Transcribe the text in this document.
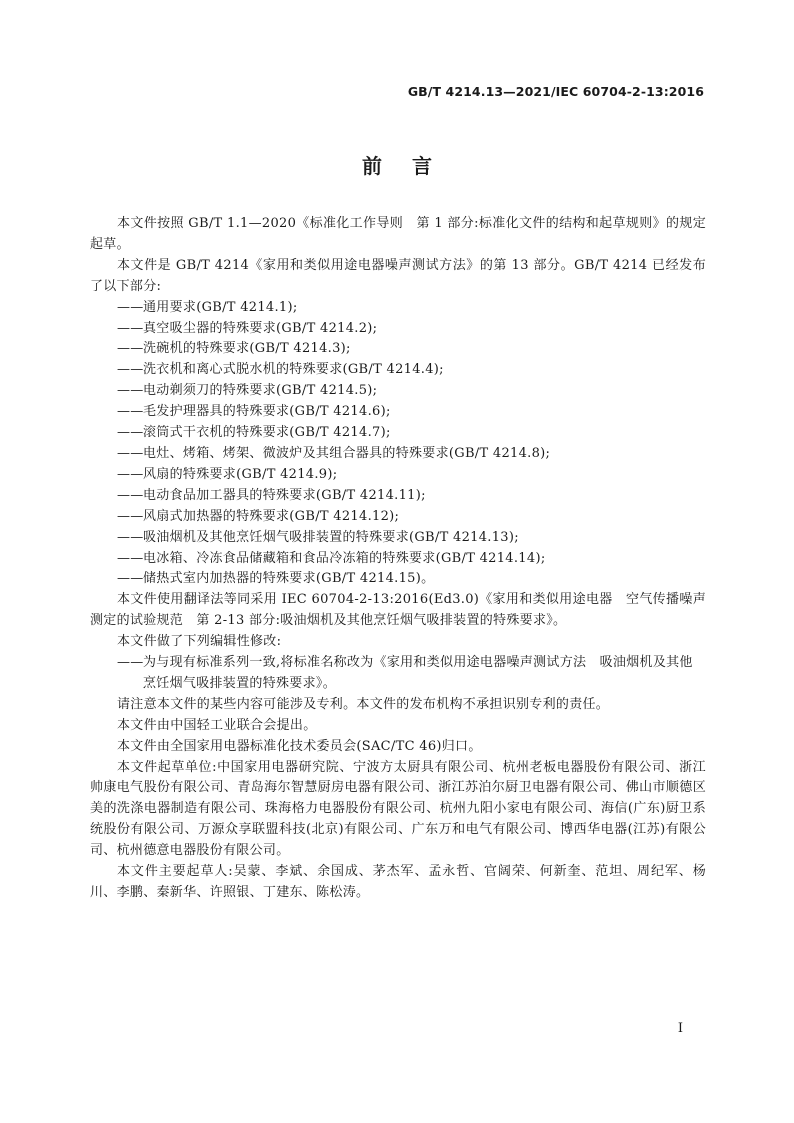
GB/T 4214.13—2021/IEC 60704-2-13:2016
前言

本文件按照 GB/T 1.1—2020《标准化工作导则　第 1 部分:标准化文件的结构和起草规则》的规定起草。

本文件是 GB/T 4214《家用和类似用途电器噪声测试方法》的第 13 部分。GB/T 4214 已经发布了以下部分:

——通用要求(GB/T 4214.1);

——真空吸尘器的特殊要求(GB/T 4214.2);

——洗碗机的特殊要求(GB/T 4214.3);

——洗衣机和离心式脱水机的特殊要求(GB/T 4214.4);

——电动剃须刀的特殊要求(GB/T 4214.5);

——毛发护理器具的特殊要求(GB/T 4214.6);

——滚筒式干衣机的特殊要求(GB/T 4214.7);

——电灶、烤箱、烤架、微波炉及其组合器具的特殊要求(GB/T 4214.8);

——风扇的特殊要求(GB/T 4214.9);

——电动食品加工器具的特殊要求(GB/T 4214.11);

——风扇式加热器的特殊要求(GB/T 4214.12);

——吸油烟机及其他烹饪烟气吸排装置的特殊要求(GB/T 4214.13);

——电冰箱、冷冻食品储藏箱和食品冷冻箱的特殊要求(GB/T 4214.14);

——储热式室内加热器的特殊要求(GB/T 4214.15)。

本文件使用翻译法等同采用 IEC 60704-2-13:2016(Ed3.0)《家用和类似用途电器　空气传播噪声测定的试验规范　第 2-13 部分:吸油烟机及其他烹饪烟气吸排装置的特殊要求》。

本文件做了下列编辑性修改:

——为与现有标准系列一致,将标准名称改为《家用和类似用途电器噪声测试方法　吸油烟机及其他烹饪烟气吸排装置的特殊要求》。

请注意本文件的某些内容可能涉及专利。本文件的发布机构不承担识别专利的责任。

本文件由中国轻工业联合会提出。

本文件由全国家用电器标准化技术委员会(SAC/TC 46)归口。

本文件起草单位:中国家用电器研究院、宁波方太厨具有限公司、杭州老板电器股份有限公司、浙江帅康电气股份有限公司、青岛海尔智慧厨房电器有限公司、浙江苏泊尔厨卫电器有限公司、佛山市顺德区美的洗涤电器制造有限公司、珠海格力电器股份有限公司、杭州九阳小家电有限公司、海信(广东)厨卫系统股份有限公司、万源众享联盟科技(北京)有限公司、广东万和电气有限公司、博西华电器(江苏)有限公司、杭州德意电器股份有限公司。

本文件主要起草人:吴蒙、李斌、余国成、茅杰军、孟永哲、官阔荣、何新奎、范坦、周纪军、杨川、李鹏、秦新华、许照银、丁建东、陈松涛。

I
